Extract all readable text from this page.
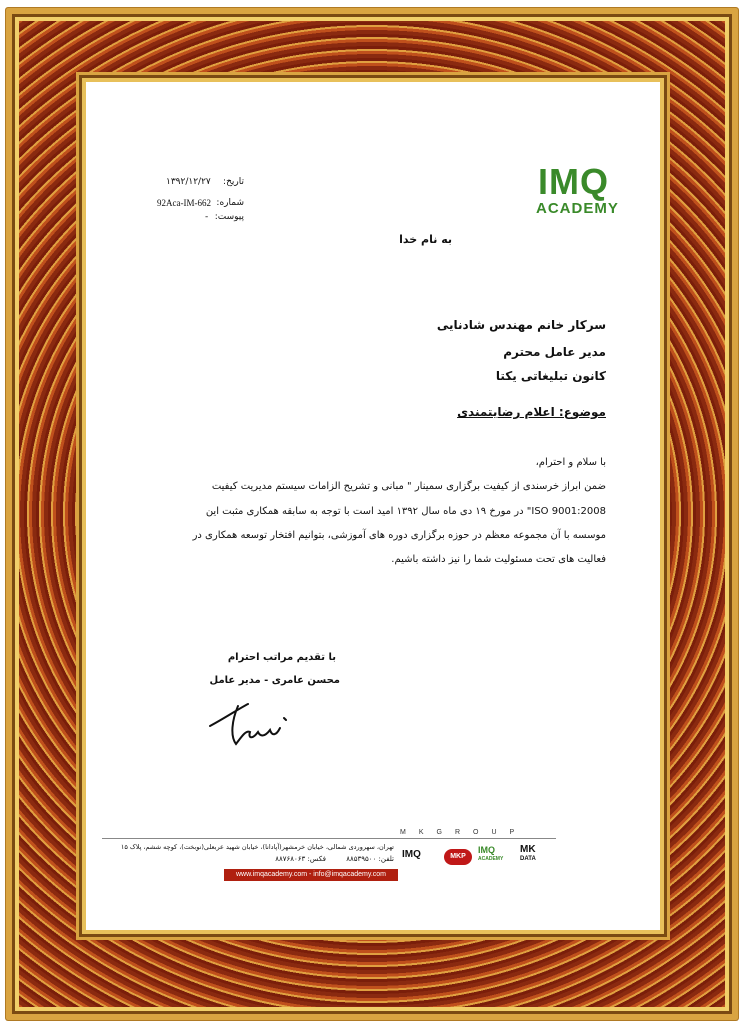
تاریخ:
۱۳۹۲/۱۲/۲۷
شماره:
92Aca-IM-662
پیوست:
-
IMQ
ACADEMY
به نام خدا
سرکار خانم مهندس شادنایی
مدیر عامل محترم
کانون تبلیغاتی یکتا
موضوع: اعلام رضایتمندی
با سلام و احترام،
ضمن ابراز خرسندی از کیفیت برگزاری سمینار " مبانی و تشریح الزامات سیستم مدیریت کیفیت
ISO 9001:2008" در مورخ ۱۹ دی ماه سال ۱۳۹۲ امید است با توجه به سابقه همکاری مثبت این
موسسه با آن مجموعه معظم در حوزه برگزاری دوره های آموزشی، بتوانیم افتخار توسعه همکاری در
فعالیت های تحت مسئولیت شما را نیز داشته باشیم.
با تقدیم مراتب احترام
محسن عامری - مدیر عامل
MKGROUP
تهران، سهروردی شمالی، خیابان خرمشهر(آپادانا)، خیابان شهید عربعلی(نوبخت)، کوچه ششم، پلاک ۱۵
تلفن: ۸۸۵۳۹۵۰۰
فکس: ۸۸۷۶۸۰۶۳
www.imqacademy.com - info@imqacademy.com
IMQ	MKP
IMQ
ACADEMY
MK
DATA
